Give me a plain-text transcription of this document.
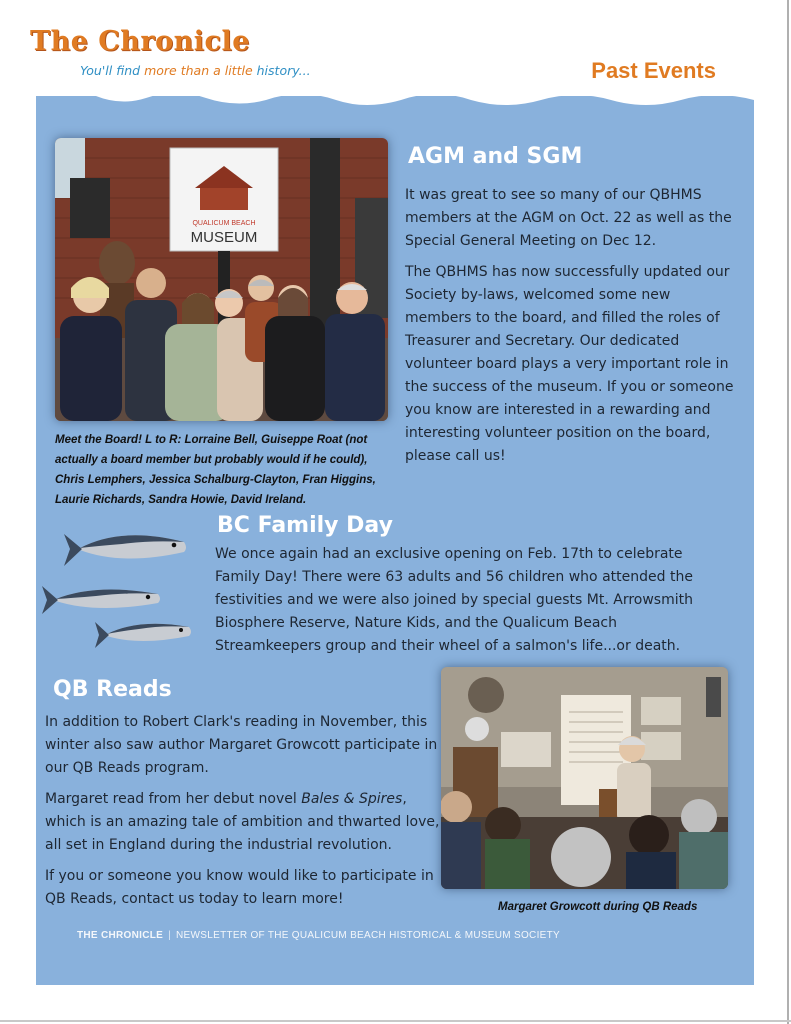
The Chronicle
You'll find more than a little history...	Past Events
QUALICUM BEACH
MUSEUM
Meet the Board! L to R: Lorraine Bell, Guiseppe Roat (not actually a board member but probably would if he could), Chris Lemphers, Jessica Schalburg-Clayton, Fran Higgins, Laurie Richards, Sandra Howie, David Ireland.
AGM and SGM

It was great to see so many of our QBHMS members at the AGM on Oct. 22 as well as the Special General Meeting on Dec 12.

The QBHMS has now successfully updated our Society by-laws, welcomed some new members to the board, and filled the roles of Treasurer and Secretary. Our dedicated volunteer board plays a very important role in the success of the museum. If you or someone you know are interested in a rewarding and interesting volunteer position on the board, please call us!

BC Family Day

We once again had an exclusive opening on Feb. 17th to celebrate Family Day! There were 63 adults and 56 children who attended the festivities and we were also joined by special guests Mt. Arrowsmith Biosphere Reserve, Nature Kids, and the Qualicum Beach Streamkeepers group and their wheel of a salmon's life...or death.

QB Reads

In addition to Robert Clark's reading in November, this winter also saw author Margaret Growcott participate in our QB Reads program.

Margaret read from her debut novel Bales & Spires, which is an amazing tale of ambition and thwarted love, all set in England during the industrial revolution.

If you or someone you know would like to participate in QB Reads, contact us today to learn more!	Margaret Growcott during QB Reads
THE CHRONICLE | NEWSLETTER OF THE QUALICUM BEACH HISTORICAL & MUSEUM SOCIETY
